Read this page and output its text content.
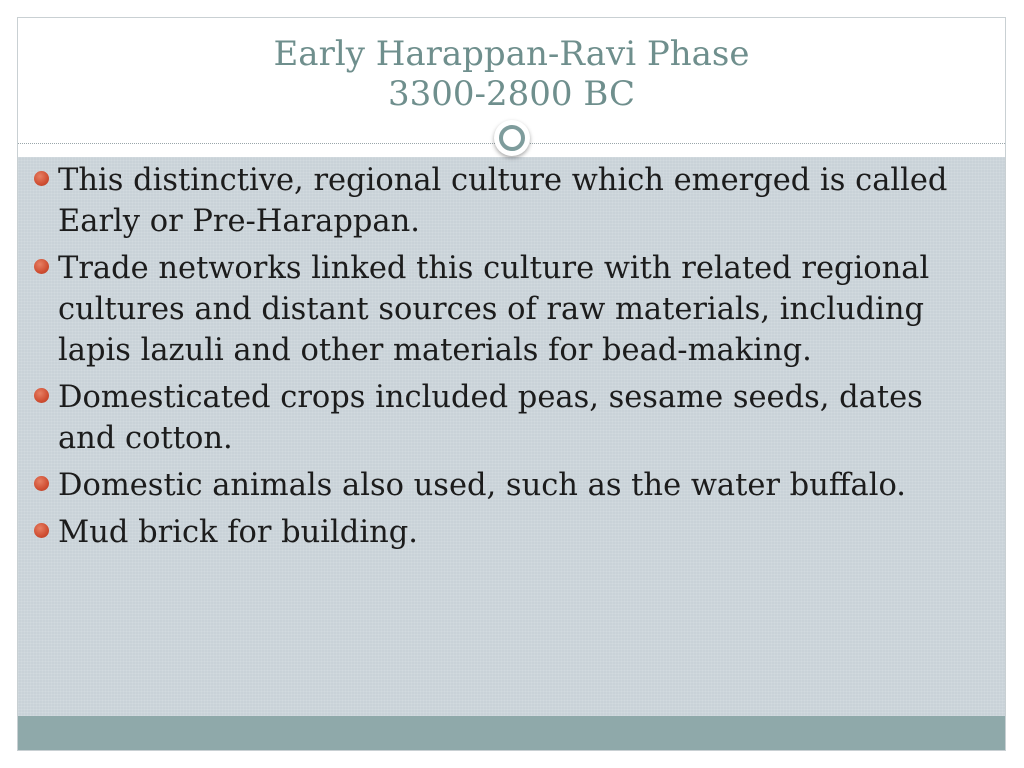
Early Harappan-Ravi Phase

3300-2800 BC

This distinctive, regional culture which emerged is called Early or Pre-Harappan.
Trade networks linked this culture with related regional cultures and distant sources of raw materials, including lapis lazuli and other materials for bead-making.
Domesticated crops included peas, sesame seeds, dates and cotton.
Domestic animals also used, such as the water buffalo.
Mud brick for building.
